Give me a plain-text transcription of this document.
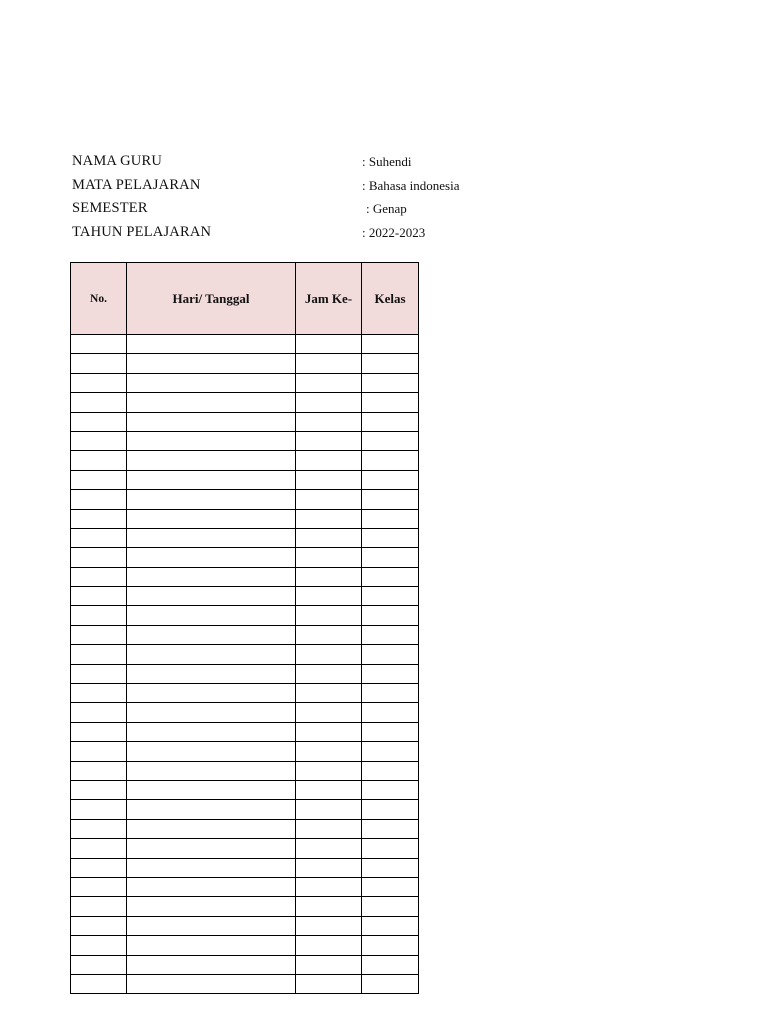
NAMA GURU	: Suhendi
MATA PELAJARAN	: Bahasa indonesia
SEMESTER	: Genap
TAHUN PELAJARAN	: 2022-2023
No.	Hari/ Tanggal	Jam Ke-	Kelas
